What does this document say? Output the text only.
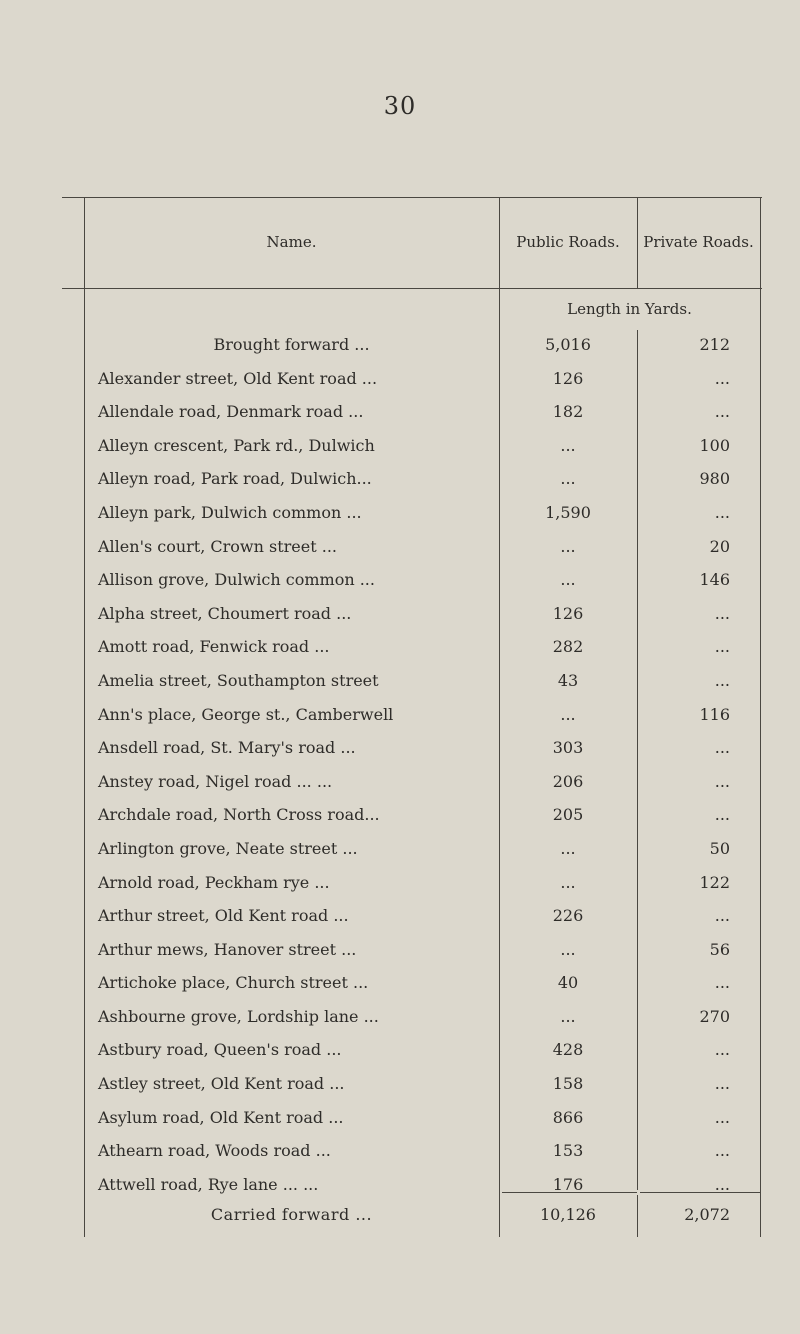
30
Name.	Public Roads.	Private Roads.
Length in Yards.
Brought forward ...	5,016	212
Alexander street, Old Kent road ...	126	...
Allendale road, Denmark road ...	182	...
Alleyn crescent, Park rd., Dulwich	...	100
Alleyn road, Park road, Dulwich...	...	980
Alleyn park, Dulwich common ...	1,590	...
Allen's court, Crown street ...	...	20
Allison grove, Dulwich common ...	...	146
Alpha street, Choumert road ...	126	...
Amott road, Fenwick road ...	282	...
Amelia street, Southampton street	43	...
Ann's place, George st., Camberwell	...	116
Ansdell road, St. Mary's road ...	303	...
Anstey road, Nigel road ... ...	206	...
Archdale road, North Cross road...	205	...
Arlington grove, Neate street ...	...	50
Arnold road, Peckham rye ...	...	122
Arthur street, Old Kent road ...	226	...
Arthur mews, Hanover street ...	...	56
Artichoke place, Church street ...	40	...
Ashbourne grove, Lordship lane ...	...	270
Astbury road, Queen's road ...	428	...
Astley street, Old Kent road ...	158	...
Asylum road, Old Kent road ...	866	...
Athearn road, Woods road ...	153	...
Attwell road, Rye lane ... ...	176	...
Carried forward ...	10,126	2,072
